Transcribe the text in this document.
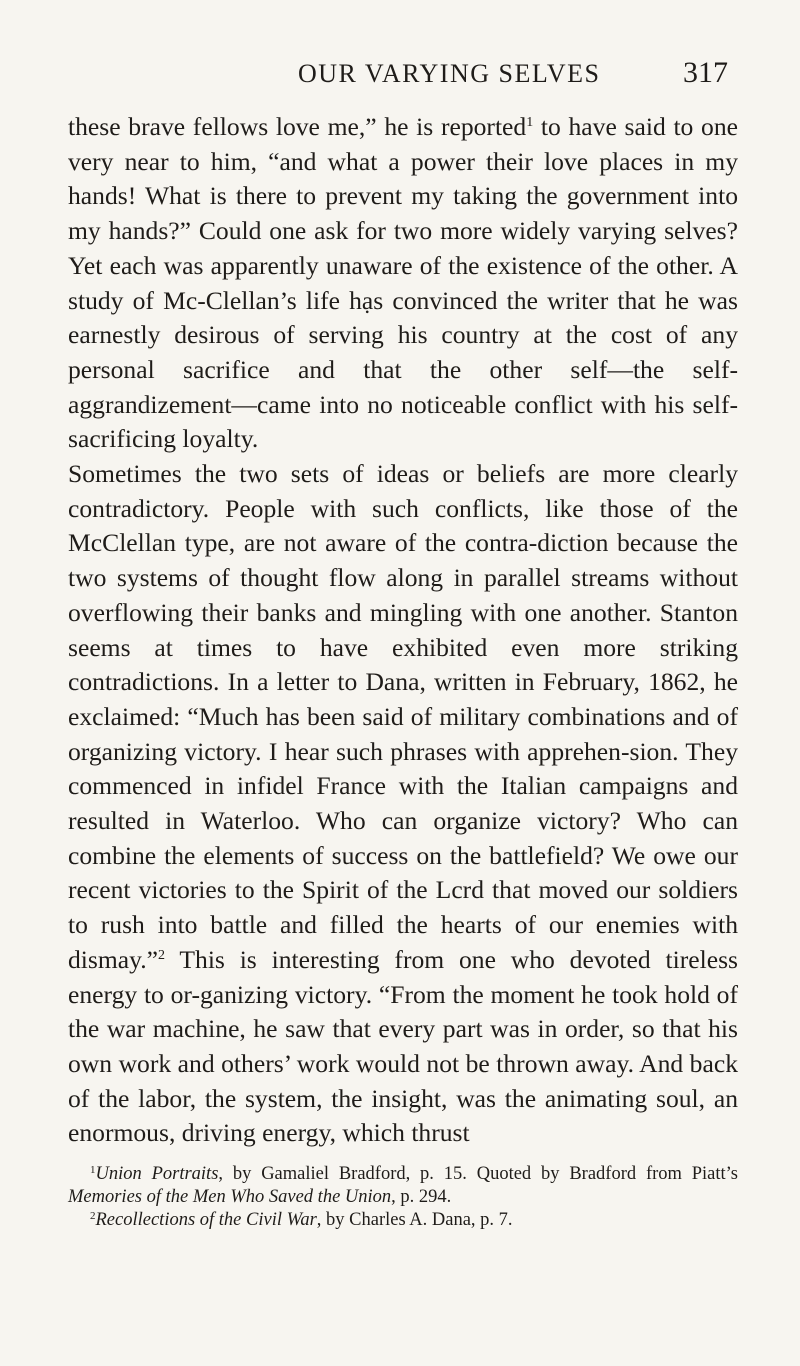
OUR VARYING SELVES	317

these brave fellows love me,” he is reported$^1$ to have said to one very near to him, “and what a power their love places in my hands! What is there to prevent my taking the government into my hands?” Could one ask for two more widely varying selves? Yet each was apparently unaware of the existence of the other. A study of Mc-Clellan’s life hạs convinced the writer that he was earnestly desirous of serving his country at the cost of any personal sacrifice and that the other self—the self-aggrandizement—came into no noticeable conflict with his self-sacrificing loyalty.

Sometimes the two sets of ideas or beliefs are more clearly contradictory. People with such conflicts, like those of the McClellan type, are not aware of the contra-diction because the two systems of thought flow along in parallel streams without overflowing their banks and mingling with one another. Stanton seems at times to have exhibited even more striking contradictions. In a letter to Dana, written in February, 1862, he exclaimed: “Much has been said of military combinations and of organizing victory. I hear such phrases with apprehen-sion. They commenced in infidel France with the Italian campaigns and resulted in Waterloo. Who can organize victory? Who can combine the elements of success on the battlefield? We owe our recent victories to the Spirit of the Lcrd that moved our soldiers to rush into battle and filled the hearts of our enemies with dismay.”$^2$ This is interesting from one who devoted tireless energy to or-ganizing victory. “From the moment he took hold of the war machine, he saw that every part was in order, so that his own work and others’ work would not be thrown away. And back of the labor, the system, the insight, was the animating soul, an enormous, driving energy, which thrust

$^1$Union Portraits, by Gamaliel Bradford, p. 15. Quoted by Bradford from Piatt’s Memories of the Men Who Saved the Union, p. 294.

$^2$Recollections of the Civil War, by Charles A. Dana, p. 7.
